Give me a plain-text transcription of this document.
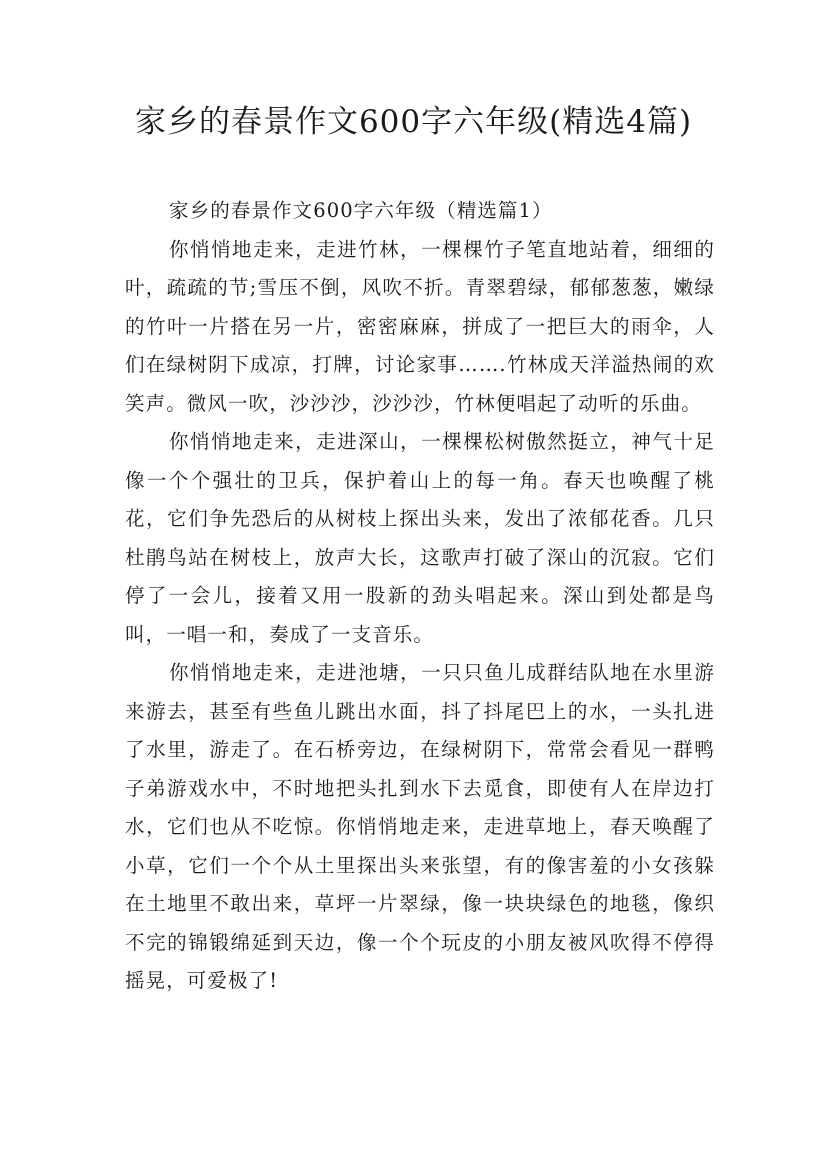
家乡的春景作文600字六年级(精选4篇)

家乡的春景作文600字六年级（精选篇1）

你悄悄地走来，走进竹林，一棵棵竹子笔直地站着，细细的叶，疏疏的节;雪压不倒，风吹不折。青翠碧绿，郁郁葱葱，嫩绿的竹叶一片搭在另一片，密密麻麻，拼成了一把巨大的雨伞，人们在绿树阴下成凉，打牌，讨论家事…….竹林成天洋溢热闹的欢笑声。微风一吹，沙沙沙，沙沙沙，竹林便唱起了动听的乐曲。

你悄悄地走来，走进深山，一棵棵松树傲然挺立，神气十足像一个个强壮的卫兵，保护着山上的每一角。春天也唤醒了桃花，它们争先恐后的从树枝上探出头来，发出了浓郁花香。几只杜鹃鸟站在树枝上，放声大长，这歌声打破了深山的沉寂。它们停了一会儿，接着又用一股新的劲头唱起来。深山到处都是鸟叫，一唱一和，奏成了一支音乐。

你悄悄地走来，走进池塘，一只只鱼儿成群结队地在水里游来游去，甚至有些鱼儿跳出水面，抖了抖尾巴上的水，一头扎进了水里，游走了。在石桥旁边，在绿树阴下，常常会看见一群鸭子弟游戏水中，不时地把头扎到水下去觅食，即使有人在岸边打水，它们也从不吃惊。你悄悄地走来，走进草地上，春天唤醒了小草，它们一个个从土里探出头来张望，有的像害羞的小女孩躲在土地里不敢出来，草坪一片翠绿，像一块块绿色的地毯，像织不完的锦锻绵延到天边，像一个个玩皮的小朋友被风吹得不停得摇晃，可爱极了!
